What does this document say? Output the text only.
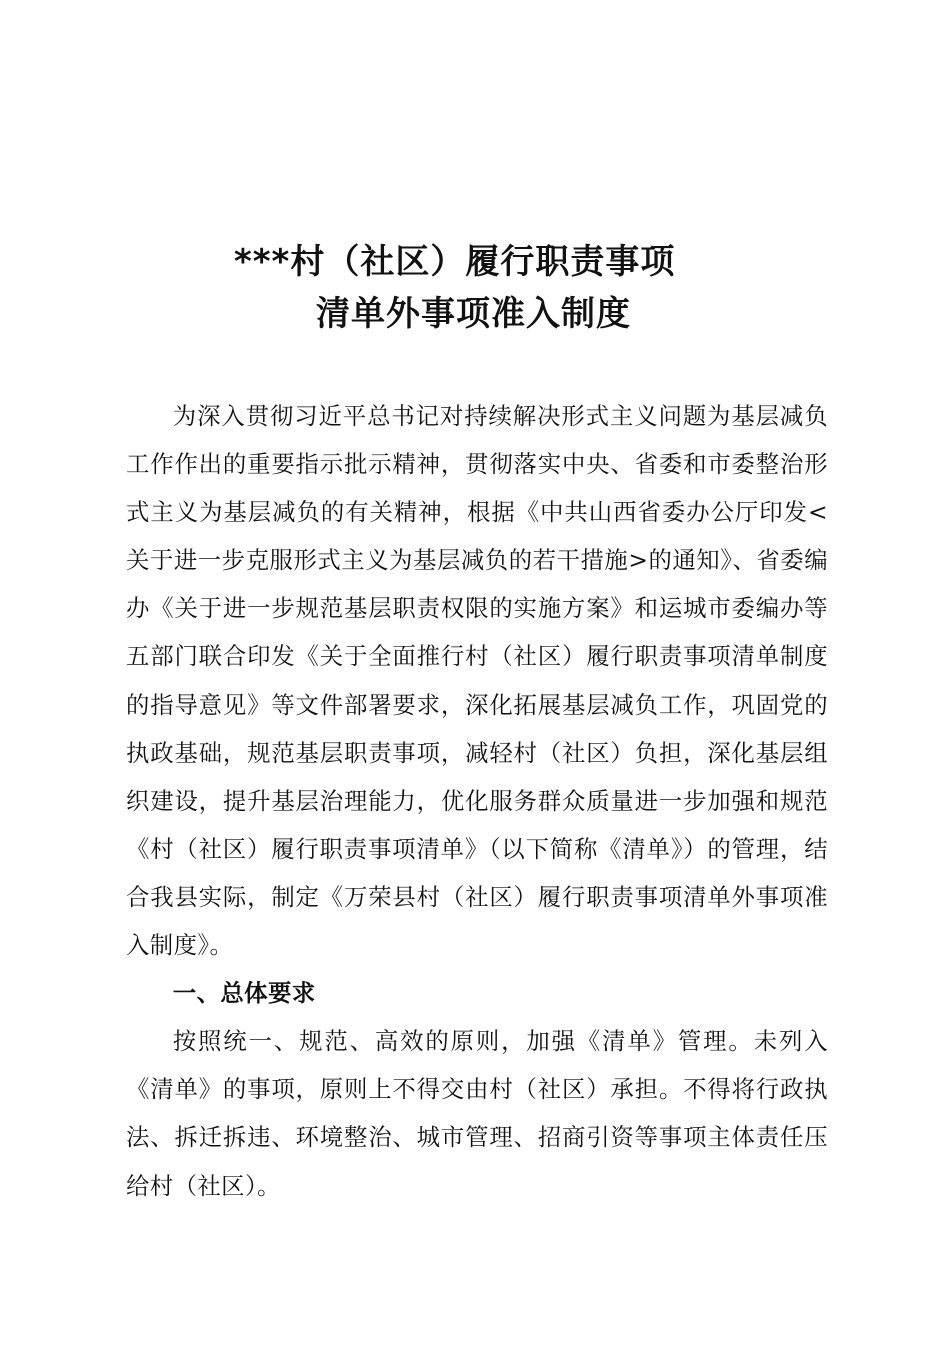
***村（社区）履行职责事项
清单外事项准入制度

为深入贯彻习近平总书记对持续解决形式主义问题为基层减负工作作出的重要指示批示精神，贯彻落实中央、省委和市委整治形式主义为基层减负的有关精神，根据《中共山西省委办公厅印发<关于进一步克服形式主义为基层减负的若干措施>的通知》、省委编办《关于进一步规范基层职责权限的实施方案》和运城市委编办等五部门联合印发《关于全面推行村（社区）履行职责事项清单制度的指导意见》等文件部署要求，深化拓展基层减负工作，巩固党的执政基础，规范基层职责事项，减轻村（社区）负担，深化基层组织建设，提升基层治理能力，优化服务群众质量进一步加强和规范《村（社区）履行职责事项清单》（以下简称《清单》）的管理，结合我县实际，制定《万荣县村（社区）履行职责事项清单外事项准入制度》。

一、总体要求

按照统一、规范、高效的原则，加强《清单》管理。未列入《清单》的事项，原则上不得交由村（社区）承担。不得将行政执法、拆迁拆违、环境整治、城市管理、招商引资等事项主体责任压给村（社区）。
